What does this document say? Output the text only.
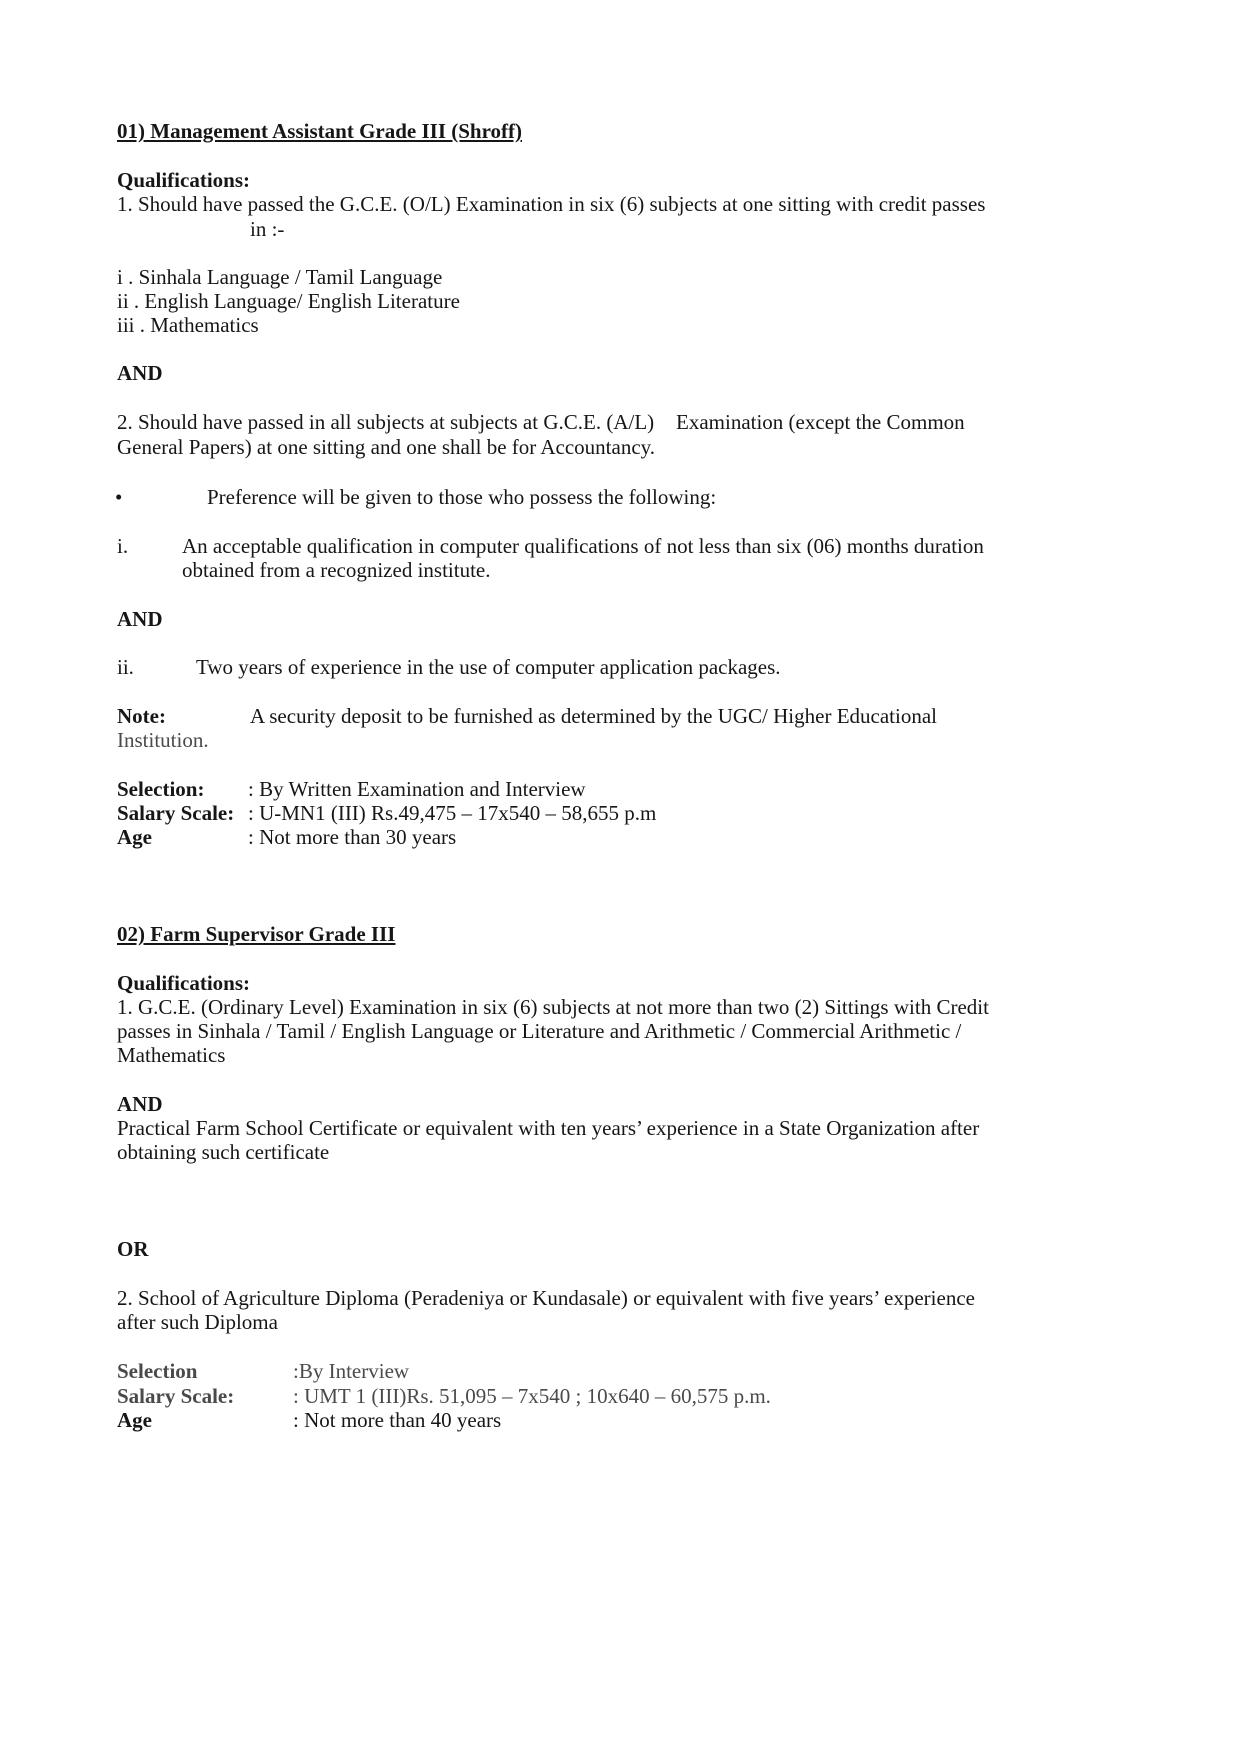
01) Management Assistant Grade III (Shroff)
Qualifications:
1. Should have passed the G.C.E. (O/L) Examination in six (6) subjects at one sitting with credit passes
in :-
i . Sinhala Language / Tamil Language
ii . English Language/ English Literature
iii . Mathematics
AND
2. Should have passed in all subjects at subjects at G.C.E. (A/L) Examination (except the Common
General Papers) at one sitting and one shall be for Accountancy.
•	Preference will be given to those who possess the following:
i.	An acceptable qualification in computer qualifications of not less than six (06) months duration
obtained from a recognized institute.
AND
ii.	Two years of experience in the use of computer application packages.
Note:	A security deposit to be furnished as determined by the UGC/ Higher Educational
Institution.
Selection: : By Written Examination and Interview
Salary Scale: : U-MN1 (III) Rs.49,475 – 17x540 – 58,655 p.m
Age	: Not more than 30 years
02) Farm Supervisor Grade III
Qualifications:
1. G.C.E. (Ordinary Level) Examination in six (6) subjects at not more than two (2) Sittings with Credit
passes in Sinhala / Tamil / English Language or Literature and Arithmetic / Commercial Arithmetic /
Mathematics
AND
Practical Farm School Certificate or equivalent with ten years’ experience in a State Organization after
obtaining such certificate
OR
2. School of Agriculture Diploma (Peradeniya or Kundasale) or equivalent with five years’ experience
after such Diploma
Selection	:By Interview
Salary Scale:	: UMT 1 (III)Rs. 51,095 – 7x540 ; 10x640 – 60,575 p.m.
Age	: Not more than 40 years
